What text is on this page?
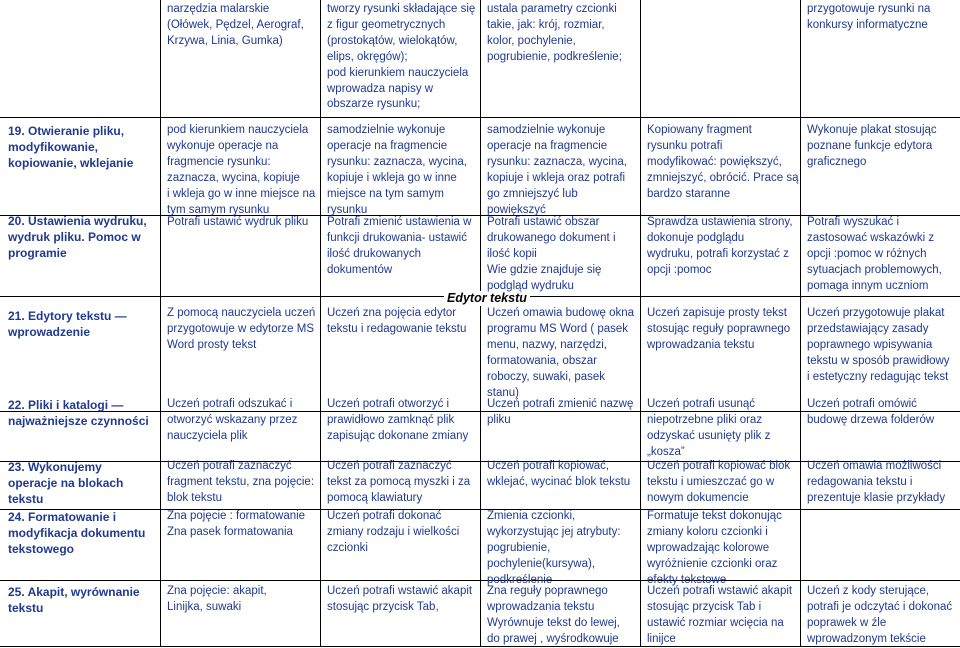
narzędzia malarskie
(Ołówek, Pędzel, Aerograf,
Krzywa, Linia, Gumka)
tworzy rysunki składające się
z figur geometrycznych
(prostokątów, wielokątów,
elips, okręgów);
pod kierunkiem nauczyciela
wprowadza napisy w
obszarze rysunku;
ustala parametry czcionki
takie, jak: krój, rozmiar,
kolor, pochylenie,
pogrubienie, podkreślenie;
przygotowuje rysunki na
konkursy informatyczne
Edytor tekstu
19. Otwieranie pliku,
modyfikowanie,
kopiowanie, wklejanie
pod kierunkiem nauczyciela
wykonuje operacje na
fragmencie rysunku:
zaznacza, wycina, kopiuje
i wkleja go w inne miejsce na
tym samym rysunku
samodzielnie wykonuje
operacje na fragmencie
rysunku: zaznacza, wycina,
kopiuje i wkleja go w inne
miejsce na tym samym
rysunku
samodzielnie wykonuje
operacje na fragmencie
rysunku: zaznacza, wycina,
kopiuje i wkleja oraz potrafi
go zmniejszyć lub
powiększyć
Kopiowany fragment
rysunku potrafi
modyfikować: powiększyć,
zmniejszyć, obrócić. Prace są
bardzo staranne
Wykonuje plakat stosując
poznane funkcje edytora
graficznego
20. Ustawienia wydruku,
wydruk pliku. Pomoc w
programie
Potrafi ustawić wydruk pliku	Potrafi zmienić ustawienia w
funkcji drukowania- ustawić
ilość drukowanych
dokumentów
Potrafi ustawić obszar
drukowanego dokument i
ilość kopii
Wie gdzie znajduje się
podgląd wydruku
Sprawdza ustawienia strony,
dokonuje podglądu
wydruku, potrafi korzystać z
opcji :pomoc
Potrafi wyszukać i
zastosować wskazówki z
opcji :pomoc w różnych
sytuacjach problemowych,
pomaga innym uczniom
21. Edytory tekstu —
wprowadzenie
Z pomocą nauczyciela uczeń
przygotowuje w edytorze MS
Word prosty tekst
Uczeń zna pojęcia edytor
tekstu i redagowanie tekstu
Uczeń omawia budowę okna
programu MS Word ( pasek
menu, nazwy, narzędzi,
formatowania, obszar
roboczy, suwaki, pasek
stanu)
Uczeń zapisuje prosty tekst
stosując reguły poprawnego
wprowadzania tekstu
Uczeń przygotowuje plakat
przedstawiający zasady
poprawnego wpisywania
tekstu w sposób prawidłowy
i estetyczny redagując tekst
22. Pliki i katalogi —
najważniejsze czynności
Uczeń potrafi odszukać i
otworzyć wskazany przez
nauczyciela plik
Uczeń potrafi otworzyć i
prawidłowo zamknąć plik
zapisując dokonane zmiany
Uczeń potrafi zmienić nazwę
pliku
Uczeń potrafi usunąć
niepotrzebne pliki oraz
odzyskać usunięty plik z
„kosza”
Uczeń potrafi omówić
budowę drzewa folderów
23. Wykonujemy
operacje na blokach
tekstu
Uczeń potrafi zaznaczyć
fragment tekstu, zna pojęcie:
blok tekstu
Uczeń potrafi zaznaczyć
tekst za pomocą myszki i za
pomocą klawiatury
Uczeń potrafi kopiować,
wklejać, wycinać blok tekstu
Uczeń potrafi kopiować blok
tekstu i umieszczać go w
nowym dokumencie
Uczeń omawia możliwości
redagowania tekstu i
prezentuje klasie przykłady
24. Formatowanie i
modyfikacja dokumentu
tekstowego
Zna pojęcie : formatowanie
Zna pasek formatowania
Uczeń potrafi dokonać
zmiany rodzaju i wielkości
czcionki
Zmienia czcionki,
wykorzystując jej atrybuty:
pogrubienie,
pochylenie(kursywa),
podkreślenie
Formatuje tekst dokonując
zmiany koloru czcionki i
wprowadzając kolorowe
wyróżnienie czcionki oraz
efekty tekstowe
25. Akapit, wyrównanie
tekstu
Zna pojęcie: akapit,
Linijka, suwaki
Uczeń potrafi wstawić akapit
stosując przycisk Tab,
Zna reguły poprawnego
wprowadzania tekstu
Wyrównuje tekst do lewej,
do prawej , wyśrodkowuje
Uczeń potrafi wstawić akapit
stosując przycisk Tab i
ustawić rozmiar wcięcia na
linijce
Uczeń z kody sterujące,
potrafi je odczytać i dokonać
poprawek w źle
wprowadzonym tekście
